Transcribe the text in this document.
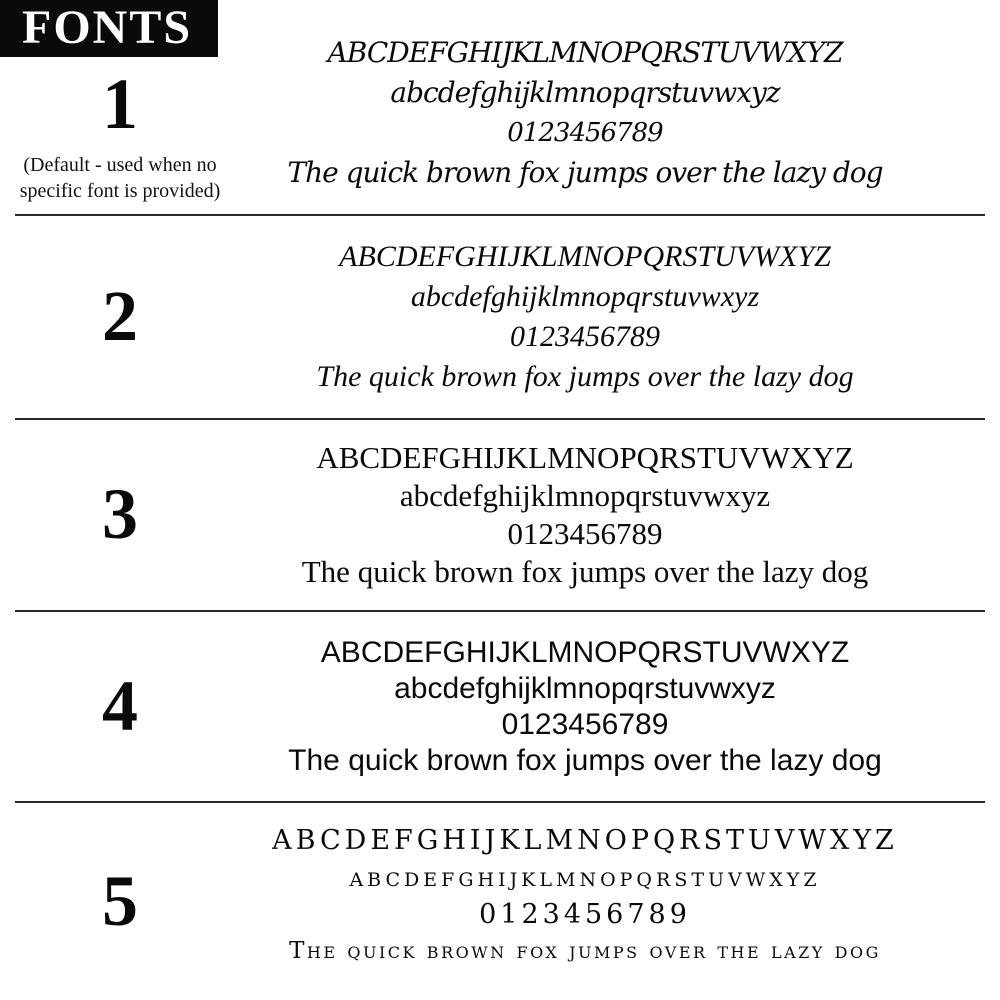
FONTS
1
(Default - used when no specific font is provided)
ABCDEFGHIJKLMNOPQRSTUVWXYZ
abcdefghijklmnopqrstuvwxyz
0123456789
The quick brown fox jumps over the lazy dog
2
ABCDEFGHIJKLMNOPQRSTUVWXYZ
abcdefghijklmnopqrstuvwxyz
0123456789
The quick brown fox jumps over the lazy dog
3
ABCDEFGHIJKLMNOPQRSTUVWXYZ
abcdefghijklmnopqrstuvwxyz
0123456789
The quick brown fox jumps over the lazy dog
4
ABCDEFGHIJKLMNOPQRSTUVWXYZ
abcdefghijklmnopqrstuvwxyz
0123456789
The quick brown fox jumps over the lazy dog
5
ABCDEFGHIJKLMNOPQRSTUVWXYZ
abcdefghijklmnopqrstuvwxyz
0123456789
The quick brown fox jumps over the lazy dog
